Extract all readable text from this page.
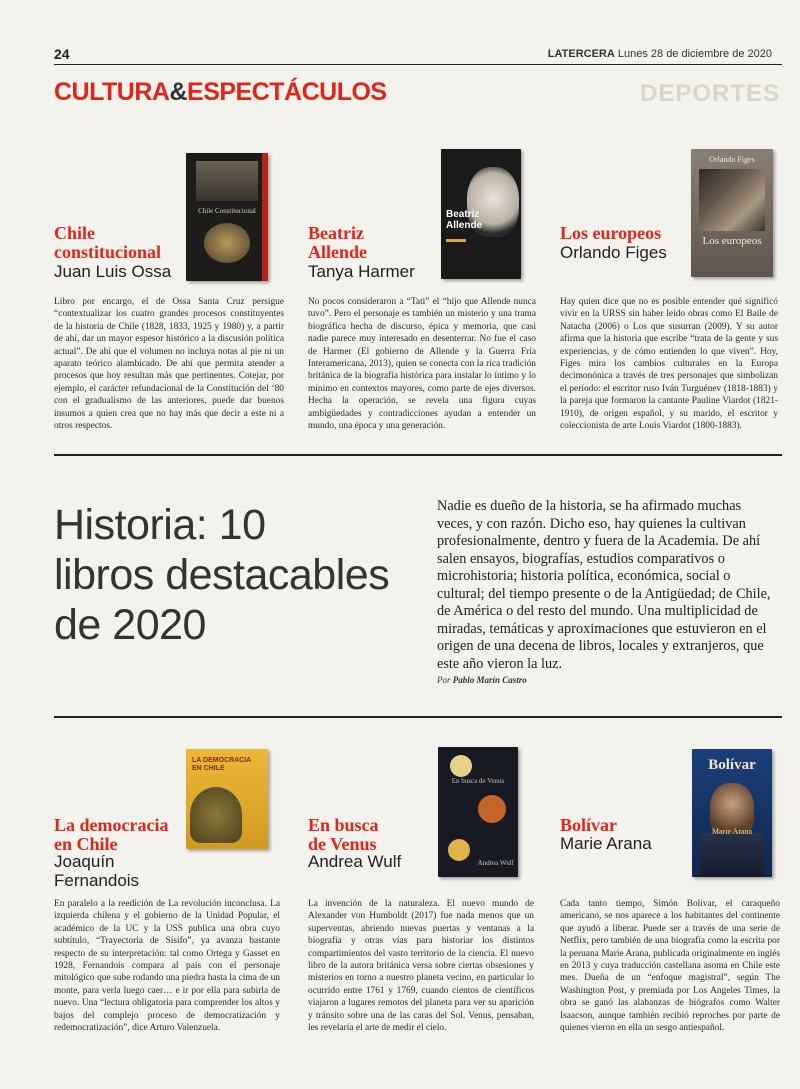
DEPORTES
24	LATERCERA Lunes 28 de diciembre de 2020
CULTURA&ESPECTÁCULOS
Chile Constitucional
Chile
constitucional
Juan Luis Ossa
Libro por encargo, el de Ossa Santa Cruz persigue “contextualizar los cuatro grandes procesos constituyentes de la historia de Chile (1828, 1833, 1925 y 1980) y, a partir de ahí, dar un mayor espesor histórico a la discusión política actual”. De ahí que el volumen no incluya notas al pie ni un aparato teórico alambicado. De ahí que permita atender a procesos que hoy resultan más que pertinentes. Cotejar, por ejemplo, el carácter refundacional de la Constitución del ‘80 con el gradualismo de las anteriores, puede dar buenos insumos a quien crea que no hay más que decir a este ni a otros respectos.
Beatriz
Allende
Beatriz
Allende
Tanya Harmer
No pocos consideraron a “Tati” el “hijo que Allende nunca tuvo”. Pero el personaje es también un misterio y una trama biográfica hecha de discurso, épica y memoria, que casi nadie parece muy interesado en desenterrar. No fue el caso de Harmer (El gobierno de Allende y la Guerra Fría Interamericana, 2013), quien se conecta con la rica tradición británica de la biografía histórica para instalar lo íntimo y lo mínimo en contextos mayores, como parte de ejes diversos. Hecha la operación, se revela una figura cuyas ambigüedades y contradicciones ayudan a entender un mundo, una época y una generación.
Orlando Figes
Los europeos
Los europeos
Orlando Figes
Hay quien dice que no es posible entender qué significó vivir en la URSS sin haber leído obras como El Baile de Natacha (2006) o Los que susurran (2009). Y su autor afirma que la historia que escribe “trata de la gente y sus experiencias, y de cómo entienden lo que viven”. Hoy, Figes mira los cambios culturales en la Europa decimonónica a través de tres personajes que simbolizan el período: el escritor ruso Iván Turguénev (1818-1883) y la pareja que formaron la cantante Pauline Viardot (1821-1910), de origen español, y su marido, el escritor y coleccionista de arte Louis Viardot (1800-1883).
Historia: 10
libros destacables
de 2020
Nadie es dueño de la historia, se ha afirmado muchas veces, y con razón. Dicho eso, hay quienes la cultivan profesionalmente, dentro y fuera de la Academia. De ahí salen ensayos, biografías, estudios comparativos o microhistoria; historia política, económica, social o cultural; del tiempo presente o de la Antigüedad; de Chile, de América o del resto del mundo. Una multiplicidad de miradas, temáticas y aproximaciones que estuvieron en el origen de una decena de libros, locales y extranjeros, que este año vieron la luz.
Por Pablo Marín Castro
LA DEMOCRACIA
EN CHILE
La democracia
en Chile
Joaquín
Fernandois
En paralelo a la reedición de La revolución inconclusa. La izquierda chilena y el gobierno de la Unidad Popular, el académico de la UC y la USS publica una obra cuyo subtítulo, “Trayectoria de Sísifo”, ya avanza bastante respecto de su interpretación: tal como Ortega y Gasset en 1928, Fernandois compara al país con el personaje mitológico que sube rodando una piedra hasta la cima de un monte, para verla luego caer… e ir por ella para subirla de nuevo. Una “lectura obligatoria para comprender los altos y bajos del complejo proceso de democratización y redemocratización”, dice Arturo Valenzuela.
En busca de Venus
Andrea Wulf
En busca
de Venus
Andrea Wulf
La invención de la naturaleza. El nuevo mundo de Alexander von Humboldt (2017) fue nada menos que un superventas, abriendo nuevas puertas y ventanas a la biografía y otras vías para historiar los distintos compartimientos del vasto territorio de la ciencia. El nuevo libro de la autora británica versa sobre ciertas obsesiones y misterios en torno a nuestro planeta vecino, en particular lo ocurrido entre 1761 y 1769, cuando cientos de científicos viajaron a lugares remotos del planeta para ver su aparición y tránsito sobre una de las caras del Sol. Venus, pensaban, les revelaría el arte de medir el cielo.
Bolívar
Marie Arana
Bolívar
Marie Arana
Cada tanto tiempo, Simón Bolívar, el caraqueño americano, se nos aparece a los habitantes del continente que ayudó a liberar. Puede ser a través de una serie de Netflix, pero también de una biografía como la escrita por la peruana Marie Arana, publicada originalmente en inglés en 2013 y cuya traducción castellana asoma en Chile este mes. Dueña de un “enfoque magistral”, según The Washington Post, y premiada por Los Angeles Times, la obra se ganó las alabanzas de biógrafos como Walter Isaacson, aunque también recibió reproches por parte de quienes vieron en ella un sesgo antiespañol.
